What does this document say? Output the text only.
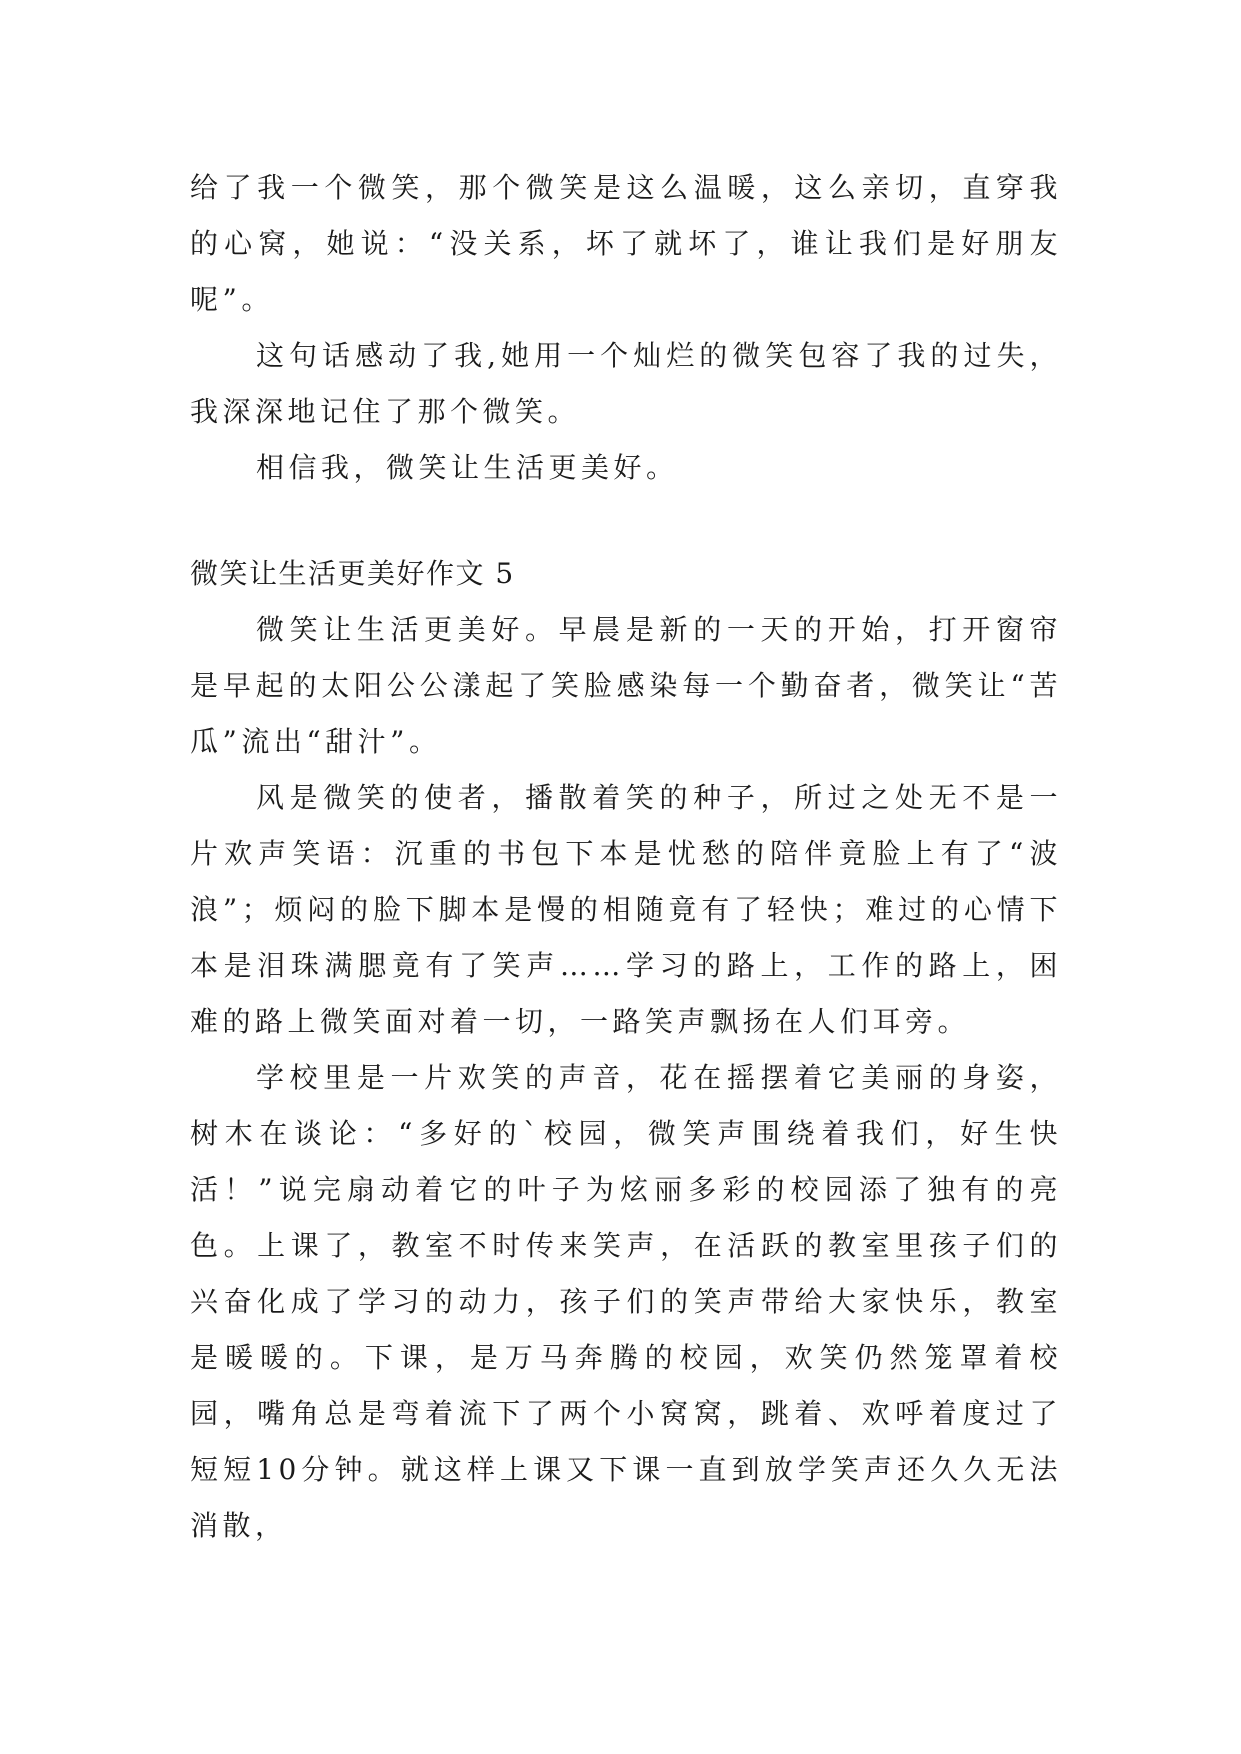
给了我一个微笑，那个微笑是这么温暖，这么亲切，直穿我的心窝，她说：“没关系，坏了就坏了，谁让我们是好朋友呢”。

这句话感动了我,她用一个灿烂的微笑包容了我的过失，我深深地记住了那个微笑。

相信我，微笑让生活更美好。

微笑让生活更美好作文 5

微笑让生活更美好。早晨是新的一天的开始，打开窗帘是早起的太阳公公漾起了笑脸感染每一个勤奋者，微笑让“苦瓜”流出“甜汁”。

风是微笑的使者，播散着笑的种子，所过之处无不是一片欢声笑语：沉重的书包下本是忧愁的陪伴竟脸上有了“波浪”；烦闷的脸下脚本是慢的相随竟有了轻快；难过的心情下本是泪珠满腮竟有了笑声……学习的路上，工作的路上，困难的路上微笑面对着一切，一路笑声飘扬在人们耳旁。

学校里是一片欢笑的声音，花在摇摆着它美丽的身姿，树木在谈论：“多好的`校园，微笑声围绕着我们，好生快活！”说完扇动着它的叶子为炫丽多彩的校园添了独有的亮色。上课了，教室不时传来笑声，在活跃的教室里孩子们的兴奋化成了学习的动力，孩子们的笑声带给大家快乐，教室是暖暖的。下课，是万马奔腾的校园，欢笑仍然笼罩着校园，嘴角总是弯着流下了两个小窝窝，跳着、欢呼着度过了短短10分钟。就这样上课又下课一直到放学笑声还久久无法消散，
